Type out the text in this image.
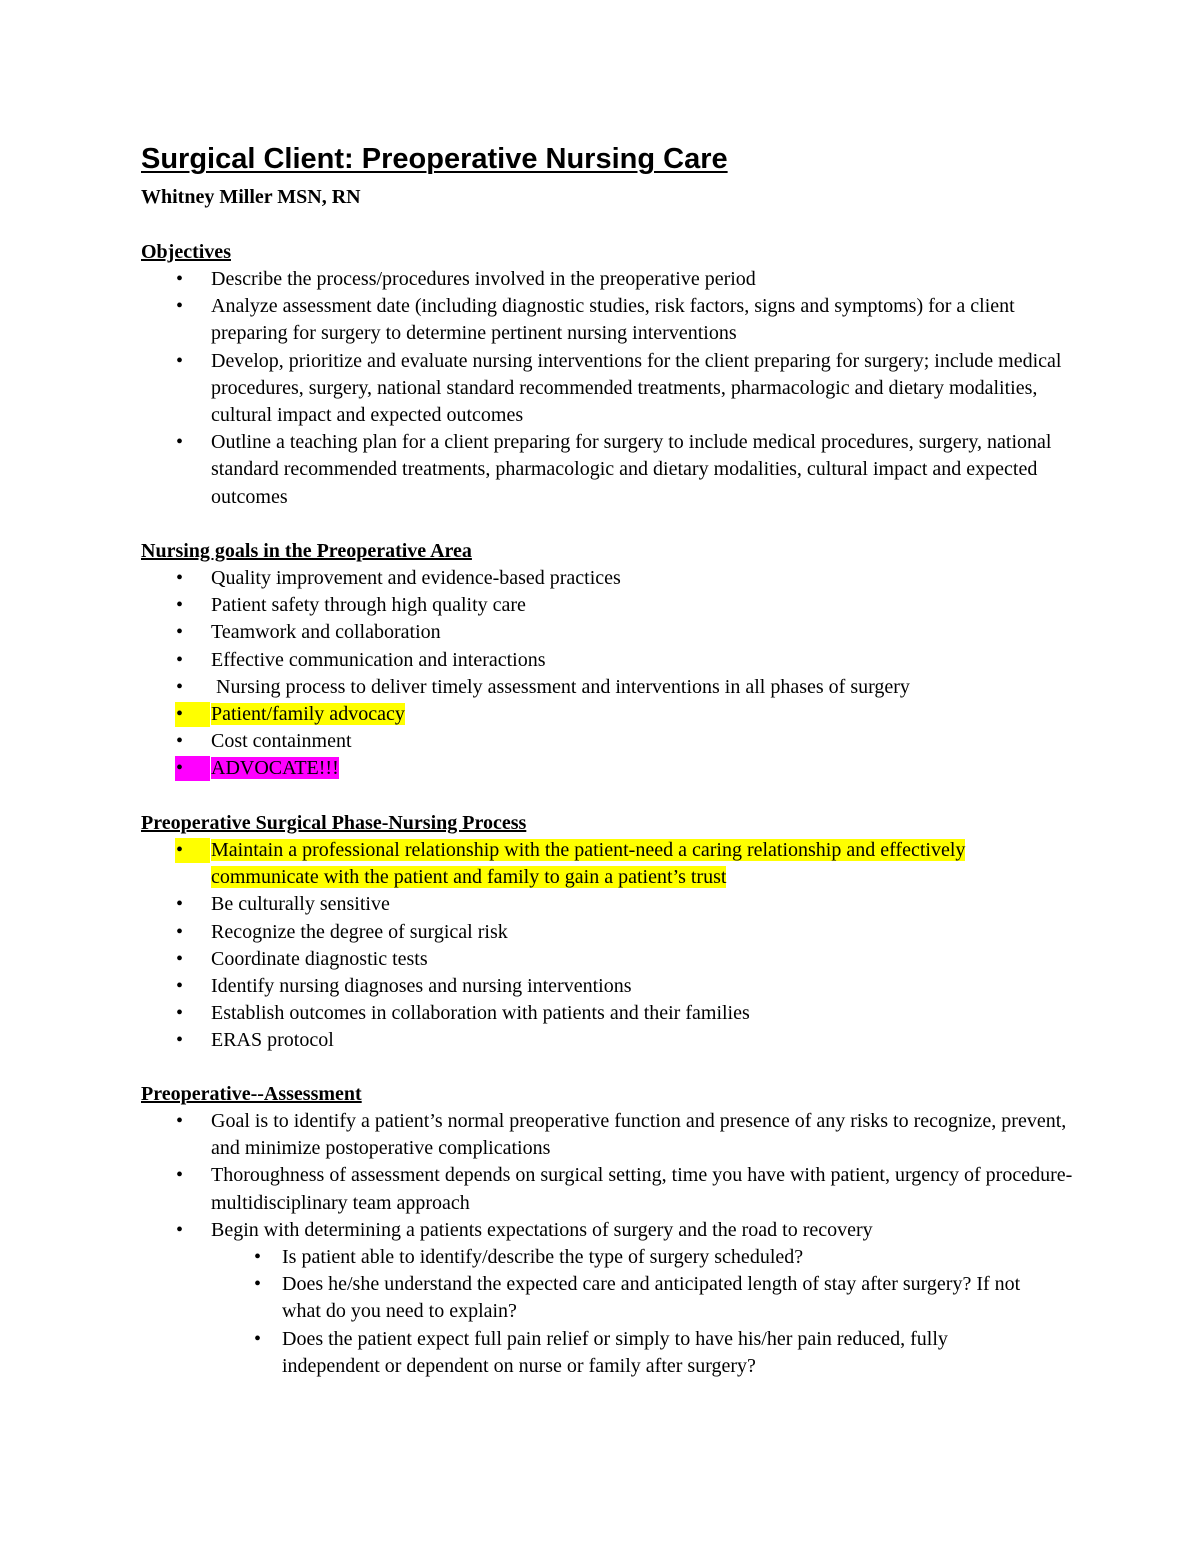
Surgical Client: Preoperative Nursing Care

Whitney Miller MSN, RN

Objectives
•	Describe the process/procedures involved in the preoperative period
•	Analyze assessment date (including diagnostic studies, risk factors, signs and symptoms) for a client preparing for surgery to determine pertinent nursing interventions
•	Develop, prioritize and evaluate nursing interventions for the client preparing for surgery; include medical procedures, surgery, national standard recommended treatments, pharmacologic and dietary modalities, cultural impact and expected outcomes
•	Outline a teaching plan for a client preparing for surgery to include medical procedures, surgery, national standard recommended treatments, pharmacologic and dietary modalities, cultural impact and expected outcomes
Nursing goals in the Preoperative Area
•	Quality improvement and evidence-based practices
•	Patient safety through high quality care
•	Teamwork and collaboration
•	Effective communication and interactions
•	Nursing process to deliver timely assessment and interventions in all phases of surgery
•	Patient/family advocacy
•	Cost containment
•	ADVOCATE!!!
Preoperative Surgical Phase-Nursing Process
•	Maintain a professional relationship with the patient-need a caring relationship and effectively communicate with the patient and family to gain a patient’s trust
•	Be culturally sensitive
•	Recognize the degree of surgical risk
•	Coordinate diagnostic tests
•	Identify nursing diagnoses and nursing interventions
•	Establish outcomes in collaboration with patients and their families
•	ERAS protocol
Preoperative--Assessment
•	Goal is to identify a patient’s normal preoperative function and presence of any risks to recognize, prevent, and minimize postoperative complications
•	Thoroughness of assessment depends on surgical setting, time you have with patient, urgency of procedure-multidisciplinary team approach
•	Begin with determining a patients expectations of surgery and the road to recovery
•	Is patient able to identify/describe the type of surgery scheduled?
•	Does he/she understand the expected care and anticipated length of stay after surgery? If not what do you need to explain?
•	Does the patient expect full pain relief or simply to have his/her pain reduced, fully independent or dependent on nurse or family after surgery?
